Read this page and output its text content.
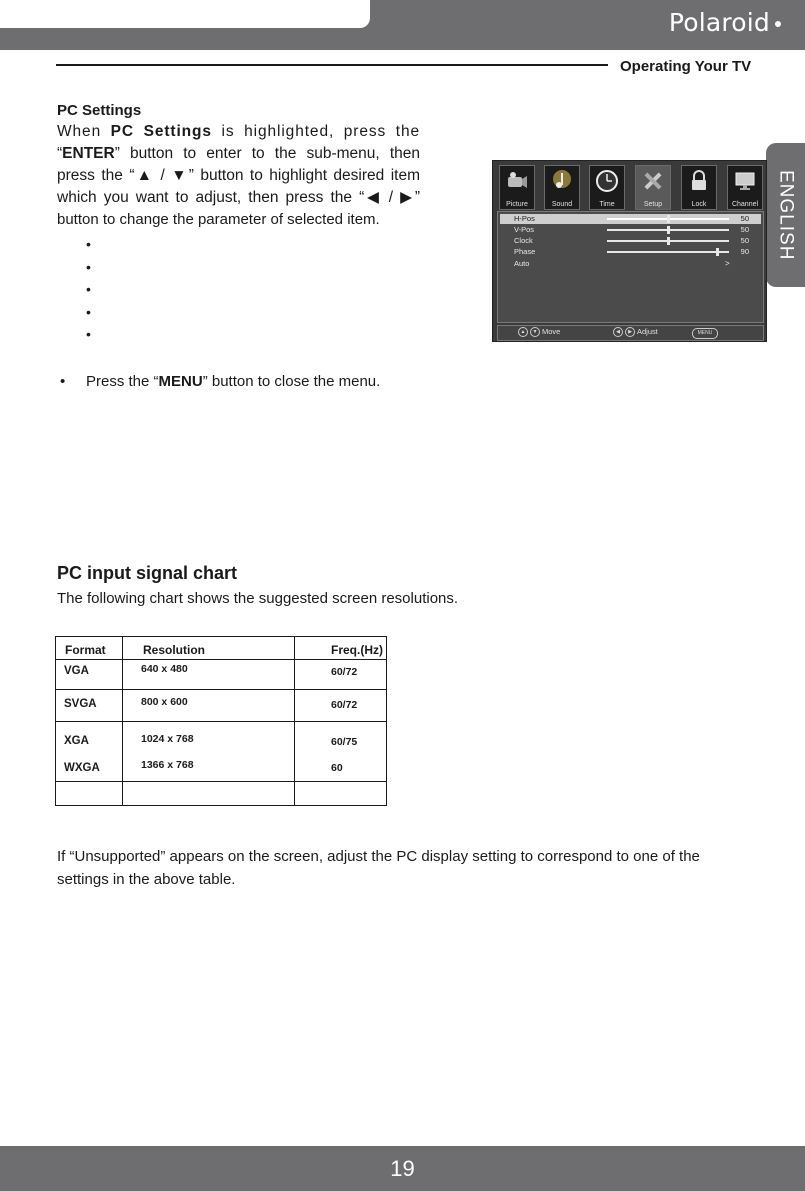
Polaroid
Operating Your TV
ENGLISH
PC Settings
When PC Settings is highlighted, press the
“ENTER” button to enter to the sub-menu, then
press the “▲ / ▼” button to highlight desired item
which you want to adjust, then press the “◀ / ▶”
button to change the parameter of selected item.
•
•
•
•
•
• Press the “MENU” button to close the menu.
Picture	Sound	Time	Setup	Lock	Channel
H-Pos	50
V-Pos	50
Clock	50
Phase	90
Auto	>
▲ ▼ Move	◀ ▶ Adjust	MENU
PC input signal chart
The following chart shows the suggested screen resolutions.
Format	Resolution	Freq.(Hz)
VGA	640 x 480	60/72
SVGA	800 x 600	60/72
XGA	1024 x 768	60/75
WXGA	1366 x 768	60
If “Unsupported” appears on the screen, adjust the PC display setting to correspond to one of the
settings in the above table.
19
